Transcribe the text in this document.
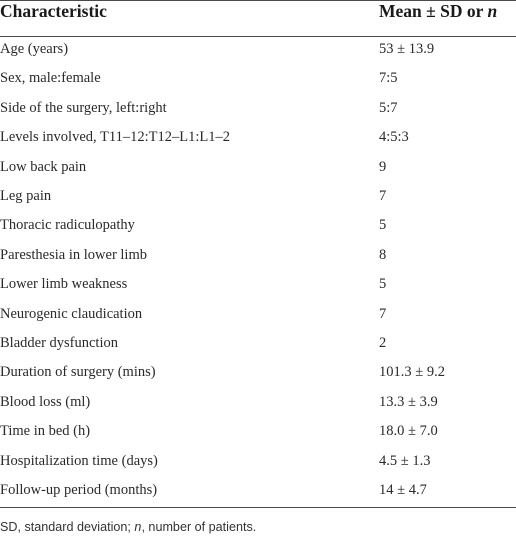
Characteristic	Mean ± SD or n
Age (years)	53 ± 13.9
Sex, male:female	7:5
Side of the surgery, left:right	5:7
Levels involved, T11–12:T12–L1:L1–2	4:5:3
Low back pain	9
Leg pain	7
Thoracic radiculopathy	5
Paresthesia in lower limb	8
Lower limb weakness	5
Neurogenic claudication	7
Bladder dysfunction	2
Duration of surgery (mins)	101.3 ± 9.2
Blood loss (ml)	13.3 ± 3.9
Time in bed (h)	18.0 ± 7.0
Hospitalization time (days)	4.5 ± 1.3
Follow-up period (months)	14 ± 4.7
SD, standard deviation; n, number of patients.
